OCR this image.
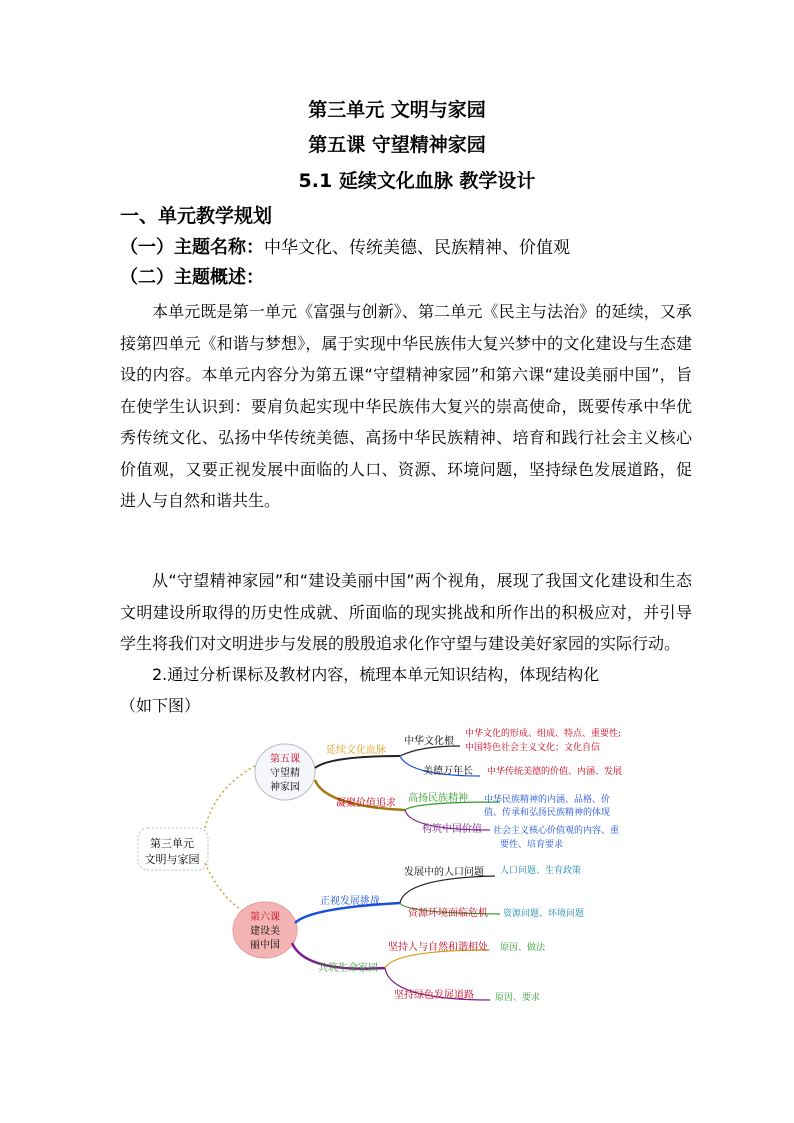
第三单元 文明与家园
第五课 守望精神家园
5.1 延续文化血脉 教学设计
一、单元教学规划
（一）主题名称：中华文化、传统美德、民族精神、价值观
（二）主题概述：
本单元既是第一单元《富强与创新》、第二单元《民主与法治》的延续，又承接第四单元《和谐与梦想》，属于实现中华民族伟大复兴梦中的文化建设与生态建设的内容。本单元内容分为第五课“守望精神家园”和第六课“建设美丽中国”，旨在使学生认识到：要肩负起实现中华民族伟大复兴的崇高使命，既要传承中华优秀传统文化、弘扬中华传统美德、高扬中华民族精神、培育和践行社会主义核心价值观，又要正视发展中面临的人口、资源、环境问题，坚持绿色发展道路，促进人与自然和谐共生。
从“守望精神家园”和“建设美丽中国”两个视角，展现了我国文化建设和生态文明建设所取得的历史性成就、所面临的现实挑战和所作出的积极应对，并引导学生将我们对文明进步与发展的殷殷追求化作守望与建设美好家园的实际行动。
2.通过分析课标及教材内容，梳理本单元知识结构，体现结构化
（如下图）
第三单元
文明与家园
第五课
守望精
神家园
第六课
建设美
丽中国
延续文化血脉
凝聚价值追求
中华文化根
中华文化的形成、组成、特点、重要性;
中国特色社会主义文化；文化自信
美德万年长 中华传统美德的价值、内涵、发展
高扬民族精神 中华民族精神的内涵、品格、价
值、传承和弘扬民族精神的体现
构筑中国价值 社会主义核心价值观的内容、重
要性、培育要求
正视发展挑战
共筑生命家园
发展中的人口问题 人口问题、生育政策
资源环境面临危机 资源问题、环境问题
坚持人与自然和谐相处 原因、做法
坚持绿色发展道路 原因、要求
